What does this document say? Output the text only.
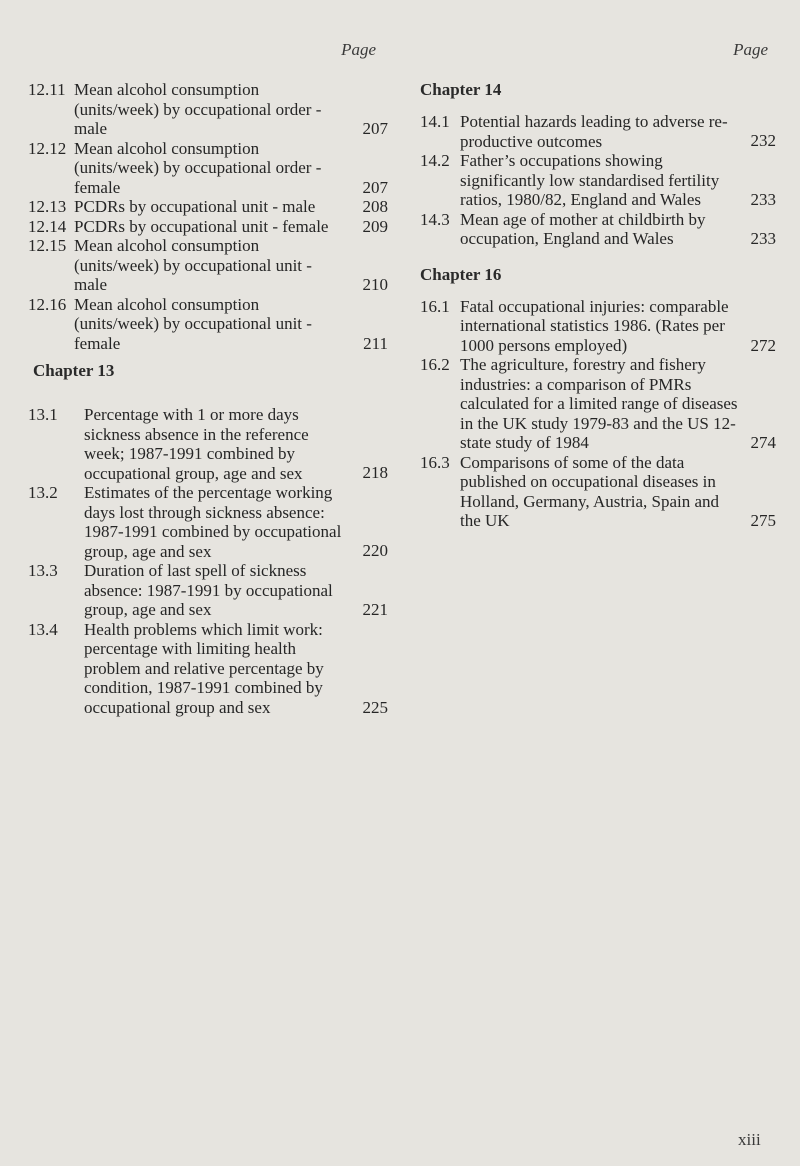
Page
12.11 Mean alcohol consumption (units/week) by occupational order - male	207
12.12 Mean alcohol consumption (units/week) by occupational order - female	207
12.13 PCDRs by occupational unit - male	208
12.14 PCDRs by occupational unit - female	209
12.15 Mean alcohol consumption (units/week) by occupational unit - male	210
12.16 Mean alcohol consumption (units/week) by occupational unit - female	211
Chapter 13
13.1 Percentage with 1 or more days sickness absence in the reference week; 1987-1991 combined by occupational group, age and sex	218
13.2 Estimates of the percentage working days lost through sickness absence: 1987-1991 combined by occupational group, age and sex	220
13.3 Duration of last spell of sickness absence: 1987-1991 by occupational group, age and sex	221
13.4 Health problems which limit work: percentage with limiting health problem and relative percentage by condition, 1987-1991 combined by occupational group and sex	225
Page
Chapter 14
14.1 Potential hazards leading to adverse re-productive outcomes	232
14.2 Father’s occupations showing significantly low standardised fertility ratios, 1980/82, England and Wales	233
14.3 Mean age of mother at childbirth by occupation, England and Wales	233
Chapter 16
16.1 Fatal occupational injuries: comparable international statistics 1986. (Rates per 1000 persons employed)	272
16.2 The agriculture, forestry and fishery industries: a comparison of PMRs calculated for a limited range of diseases in the UK study 1979-83 and the US 12-state study of 1984	274
16.3 Comparisons of some of the data published on occupational diseases in Holland, Germany, Austria, Spain and the UK	275
xiii
